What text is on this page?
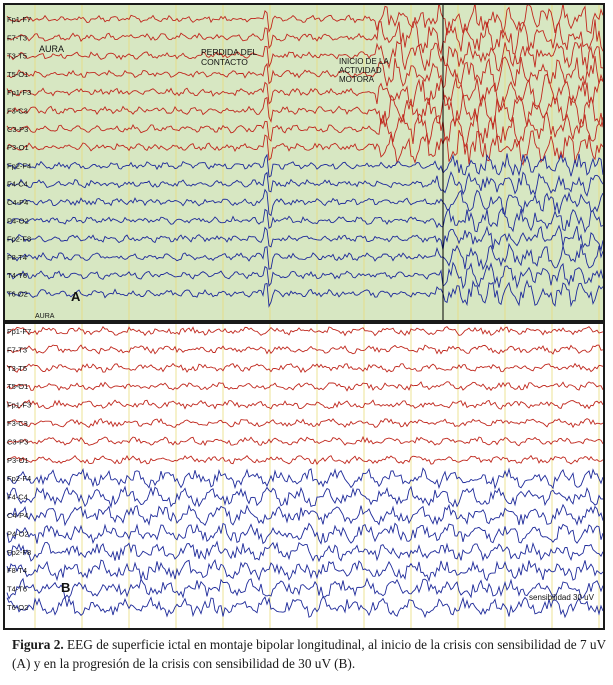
Fp1-F7
F7-T3
T3-T5
T5-O1
Fp1-F3
F3-C3
C3-P3
P3-O1
Fp2-F4
F4-C4
C4-P4
P4-O2
Fp2-F8
F8-T4
T4-T6
T6 O2
AURA	PERDIDA DEL
CONTACTO	INICIO DE LA
ACTIVIDAD
MOTORA
A
AURA
Fp1-F7
F7-T3
T3-T5
T5-O1
Fp1-F3
F3-C3
C3-P3
P3-O1
Fp2-F4
F4-C4
C4-P4
P4-O2
Fp2-F8
F8-T4
T4-T6
T6-O2
B
sensibilidad 30 uV
Figura 2. EEG de superficie ictal en montaje bipolar longitudinal, al inicio de la crisis con sensibilidad de 7 uV (A) y en la progresión de la crisis con sensibilidad de 30 uV (B).
